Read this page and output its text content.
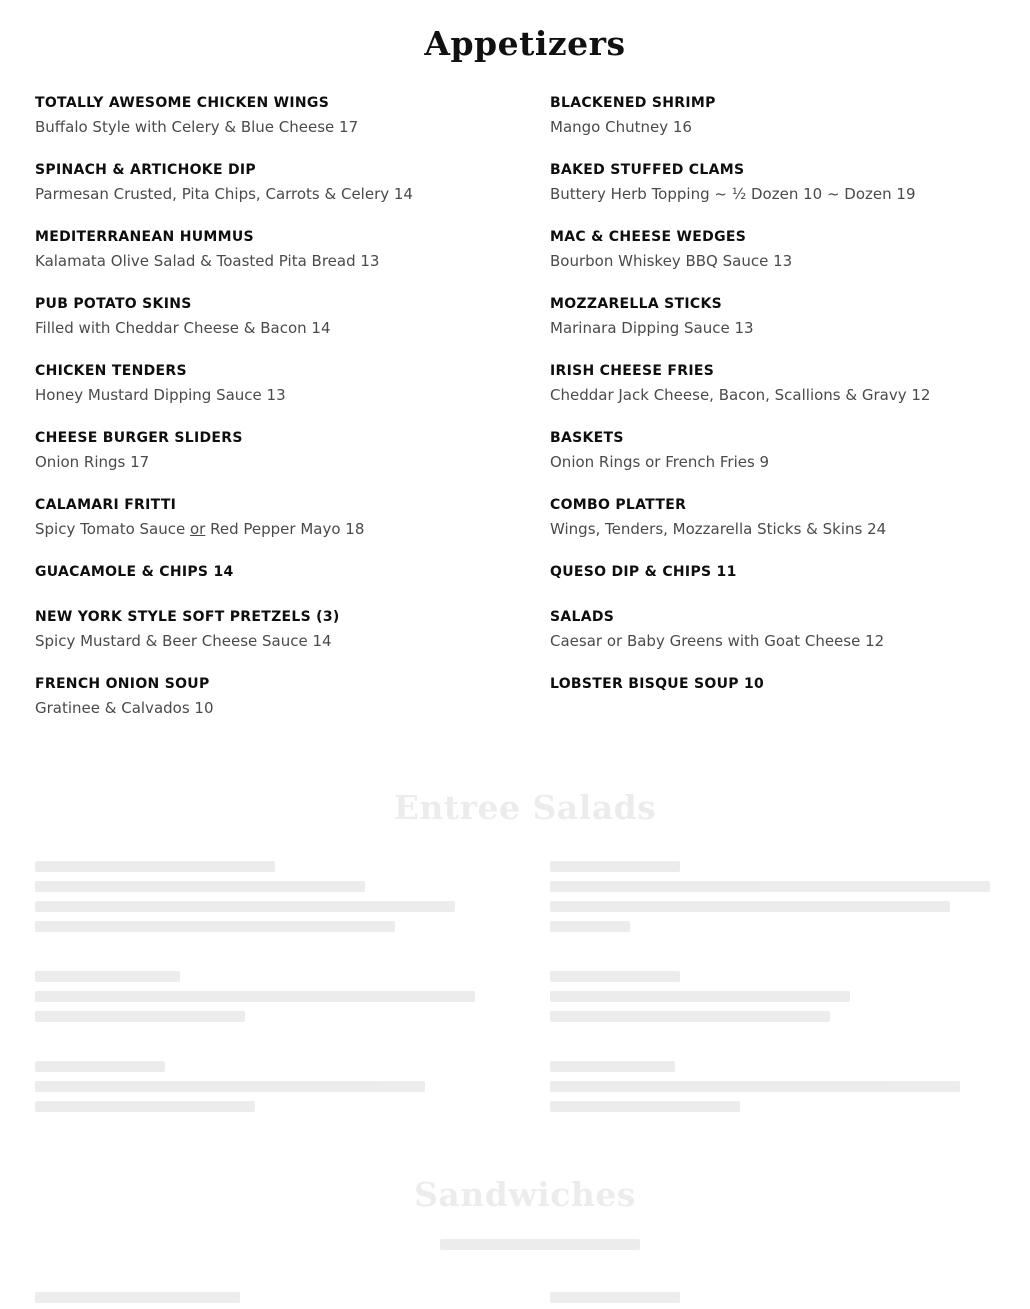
Appetizers
TOTALLY AWESOME CHICKEN WINGS
Buffalo Style with Celery & Blue Cheese 17
SPINACH & ARTICHOKE DIP
Parmesan Crusted, Pita Chips, Carrots & Celery 14
MEDITERRANEAN HUMMUS
Kalamata Olive Salad & Toasted Pita Bread 13
PUB POTATO SKINS
Filled with Cheddar Cheese & Bacon 14
CHICKEN TENDERS
Honey Mustard Dipping Sauce 13
CHEESE BURGER SLIDERS
Onion Rings 17
CALAMARI FRITTI
Spicy Tomato Sauce or Red Pepper Mayo 18
GUACAMOLE & CHIPS 14
NEW YORK STYLE SOFT PRETZELS (3)
Spicy Mustard & Beer Cheese Sauce 14
FRENCH ONION SOUP
Gratinee & Calvados 10
BLACKENED SHRIMP
Mango Chutney 16
BAKED STUFFED CLAMS
Buttery Herb Topping ~ ½ Dozen 10 ~ Dozen 19
MAC & CHEESE WEDGES
Bourbon Whiskey BBQ Sauce 13
MOZZARELLA STICKS
Marinara Dipping Sauce 13
IRISH CHEESE FRIES
Cheddar Jack Cheese, Bacon, Scallions & Gravy 12
BASKETS
Onion Rings or French Fries 9
COMBO PLATTER
Wings, Tenders, Mozzarella Sticks & Skins 24
QUESO DIP & CHIPS 11
SALADS
Caesar or Baby Greens with Goat Cheese 12
LOBSTER BISQUE SOUP 10
Entree Salads
Sandwiches
